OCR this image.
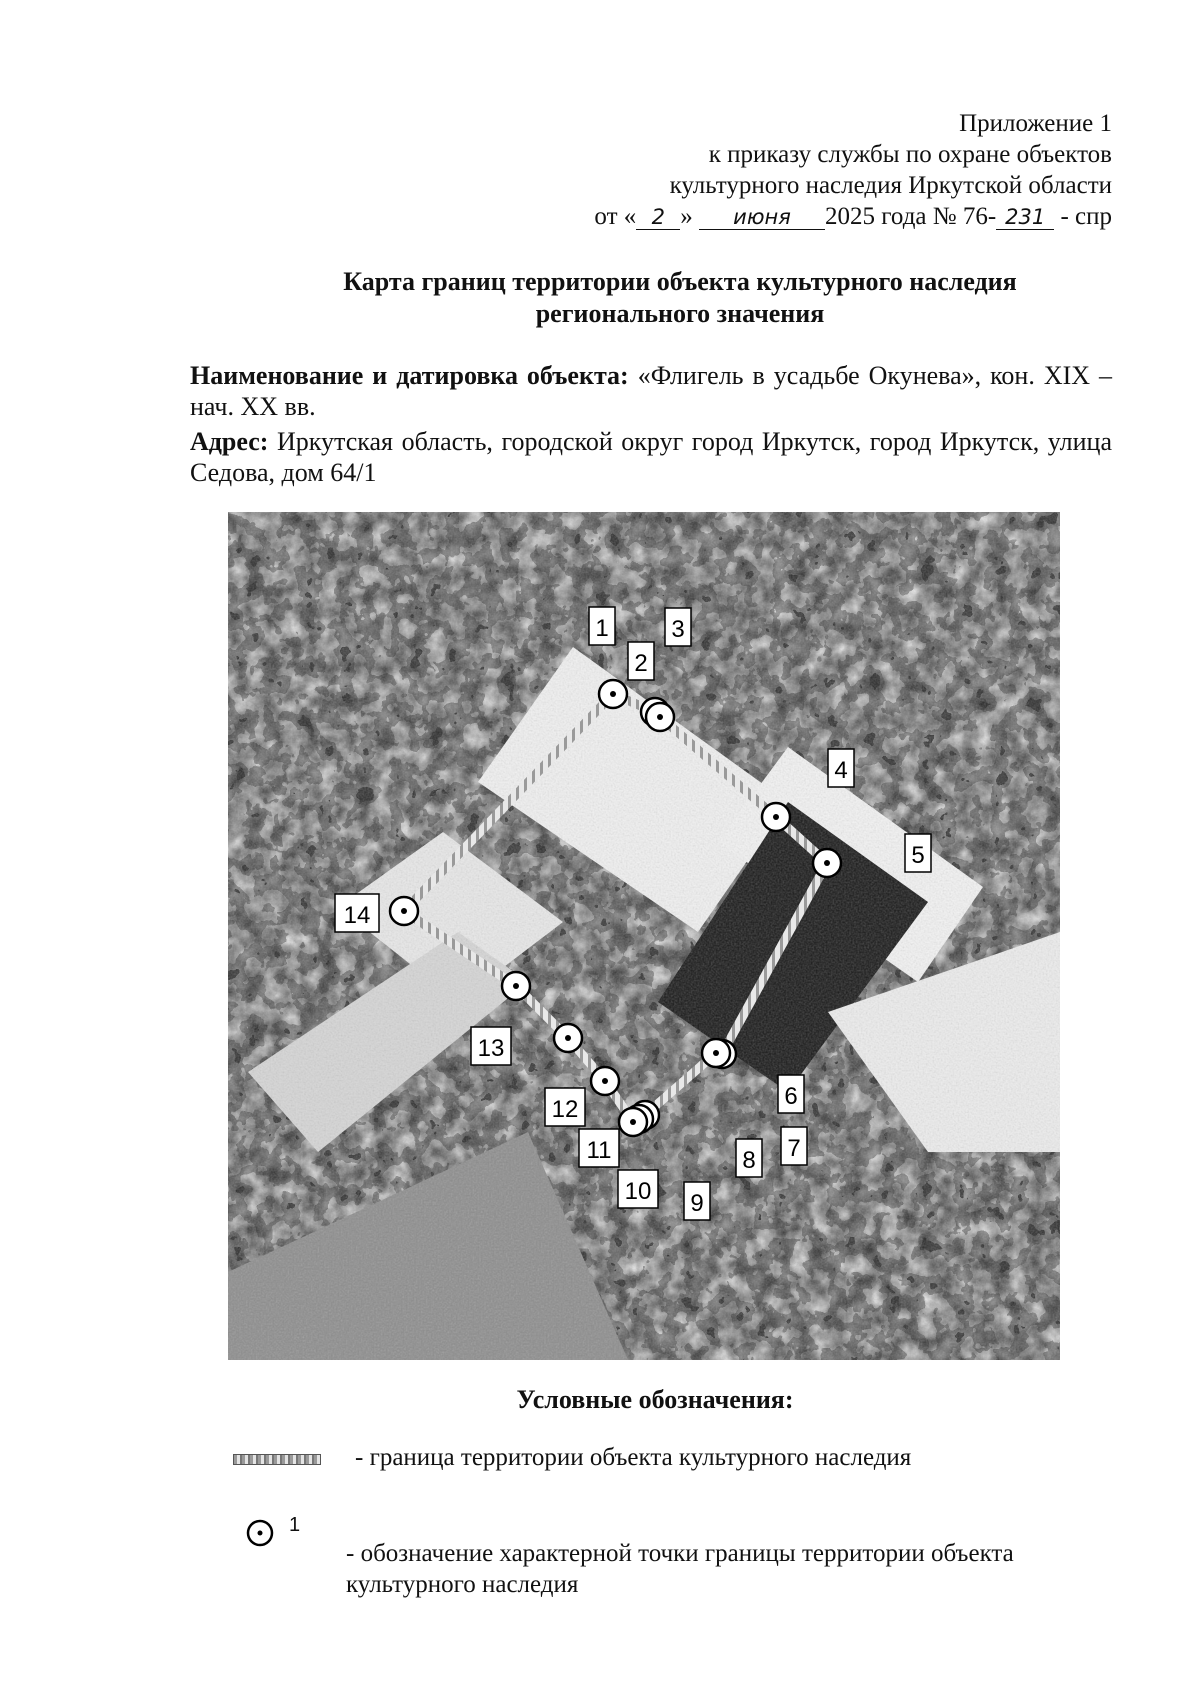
Приложение 1
к приказу службы по охране объектов
культурного наследия Иркутской области
от « 2 » июня 2025 года № 76- 231 - спр
Карта границ территории объекта культурного наследия
регионального значения

Наименование и датировка объекта: «Флигель в усадьбе Окунева», кон. XIX – нач. XX вв.

Адрес: Иркутская область, городской округ город Иркутск, город Иркутск, улица Седова, дом 64/1

1
2
3
4
5
6
7
8
9
10
11
12
13
14
Условные обозначения:
- граница территории объекта культурного наследия
1
- обозначение характерной точки границы территории объекта культурного наследия
